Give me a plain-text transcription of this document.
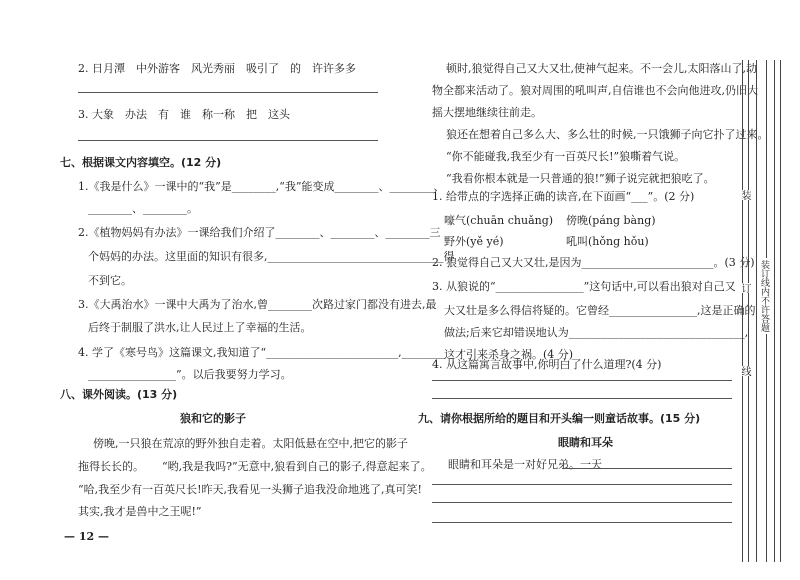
2. 日月潭　中外游客　风光秀丽　吸引了　的　许许多多
3. 大象　办法　有　谁　称一称　把　这头
七、根据课文内容填空。(12 分)
1.《我是什么》一课中的“我”是________,“我”能变成________、________、
________、________。
2.《植物妈妈有办法》一课给我们介绍了________、________、________三
个妈妈的办法。这里面的知识有很多,________________________________得
不到它。
3.《大禹治水》一课中大禹为了治水,曾________次路过家门都没有进去,最
后终于制服了洪水,让人民过上了幸福的生活。
4. 学了《寒号鸟》这篇课文,我知道了“________________________,________
________________”。以后我要努力学习。
八、课外阅读。(13 分)
狼和它的影子
傍晚,一只狼在荒凉的野外独自走着。太阳低悬在空中,把它的影子
拖得长长的。 “哟,我是我吗?”无意中,狼看到自己的影子,得意起来了。
“哈,我至少有一百英尺长!昨天,我看见一头狮子追我没命地逃了,真可笑!
其实,我才是兽中之王呢!”
— 12 —
顿时,狼觉得自己又大又壮,使神气起来。不一会儿,太阳落山了,动
物全都来活动了。狼对周围的吼叫声,自信谁也不会向他进攻,仍旧大
摇大摆地继续往前走。
狼还在想着自己多么大、多么壮的时候,一只饿狮子向它扑了过来。
“你不能碰我,我至少有一百英尺长!”狼嘶着气说。
“我看你根本就是一只普通的狼!”狮子说完就把狼吃了。
1. 给带点的字选择正确的读音,在下面画“___”。(2 分)
嚎气(chuān chuǎng) 傍晚(páng bàng)
野外(yě yé)	吼叫(hǒng hǒu)
2. 狼觉得自己又大又壮,是因为________________________。(3 分)
3. 从狼说的“________________”这句话中,可以看出狼对自己又
大又壮是多么得信将疑的。它曾经________________,这是正确的
做法;后来它却错误地认为________________________________,
这才引来杀身之祸。(4 分)
4. 从这篇寓言故事中,你明白了什么道理?(4 分)
九、请你根据所给的题目和开头编一则童话故事。(15 分)
眼睛和耳朵
眼睛和耳朵是一对好兄弟。一天
装
订
线
装订线内不许答题
